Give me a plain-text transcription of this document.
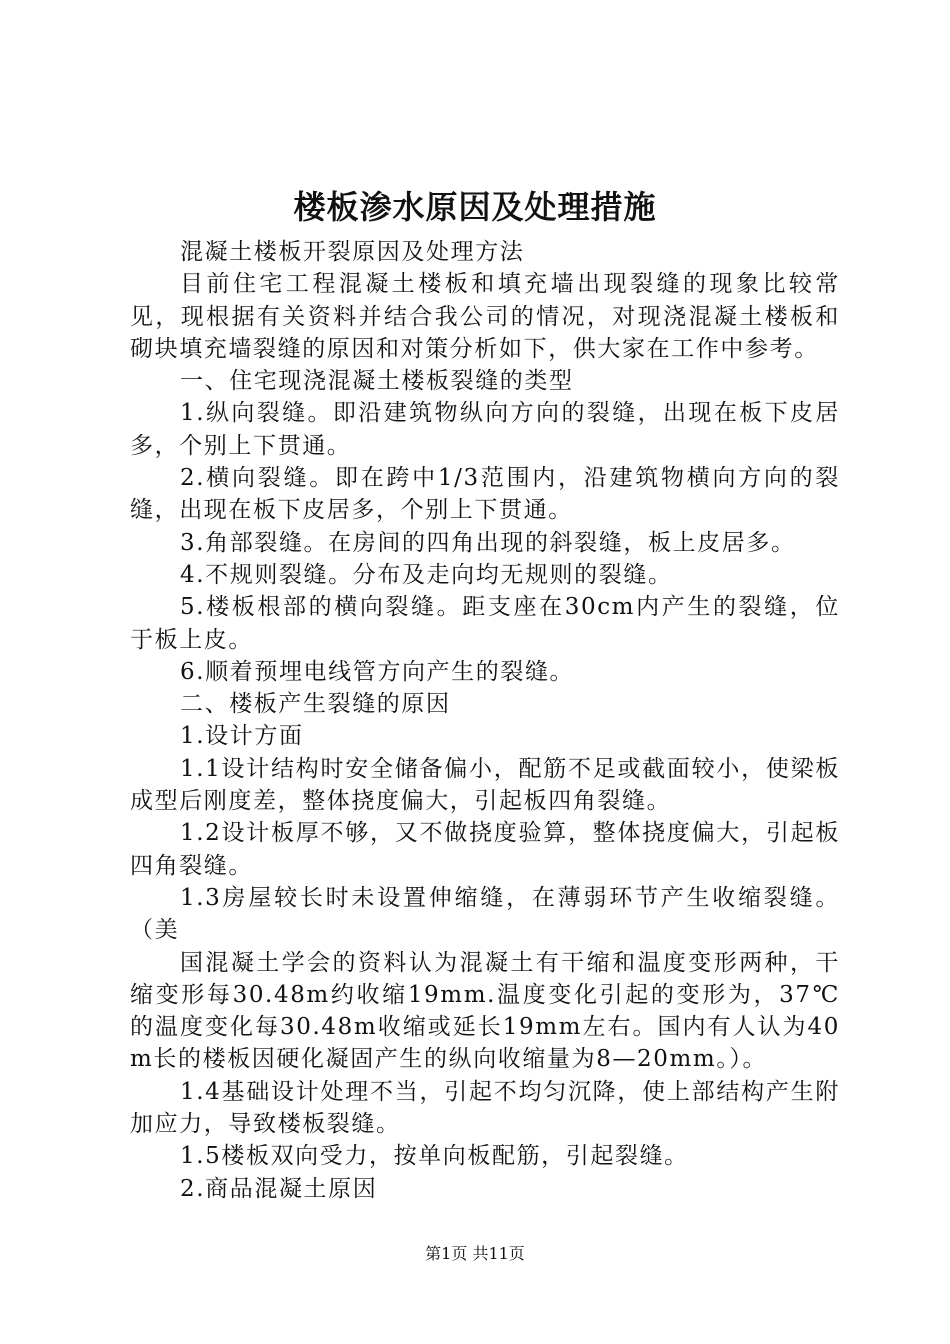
楼板渗水原因及处理措施

混凝土楼板开裂原因及处理方法

目前住宅工程混凝土楼板和填充墙出现裂缝的现象比较常见，现根据有关资料并结合我公司的情况，对现浇混凝土楼板和砌块填充墙裂缝的原因和对策分析如下，供大家在工作中参考。

一、住宅现浇混凝土楼板裂缝的类型

1.纵向裂缝。即沿建筑物纵向方向的裂缝，出现在板下皮居多，个别上下贯通。

2.横向裂缝。即在跨中1/3范围内，沿建筑物横向方向的裂缝，出现在板下皮居多，个别上下贯通。

3.角部裂缝。在房间的四角出现的斜裂缝，板上皮居多。

4.不规则裂缝。分布及走向均无规则的裂缝。

5.楼板根部的横向裂缝。距支座在30cm内产生的裂缝，位于板上皮。

6.顺着预埋电线管方向产生的裂缝。

二、楼板产生裂缝的原因

1.设计方面

1.1设计结构时安全储备偏小，配筋不足或截面较小，使梁板成型后刚度差，整体挠度偏大，引起板四角裂缝。

1.2设计板厚不够，又不做挠度验算，整体挠度偏大，引起板四角裂缝。

1.3房屋较长时未设置伸缩缝，在薄弱环节产生收缩裂缝。（美

国混凝土学会的资料认为混凝土有干缩和温度变形两种，干缩变形每30.48m约收缩19mm.温度变化引起的变形为，37℃的温度变化每30.48m收缩或延长19mm左右。国内有人认为40m长的楼板因硬化凝固产生的纵向收缩量为8—20mm。）。

1.4基础设计处理不当，引起不均匀沉降，使上部结构产生附加应力，导致楼板裂缝。

1.5楼板双向受力，按单向板配筋，引起裂缝。

2.商品混凝土原因

第1页 共11页
